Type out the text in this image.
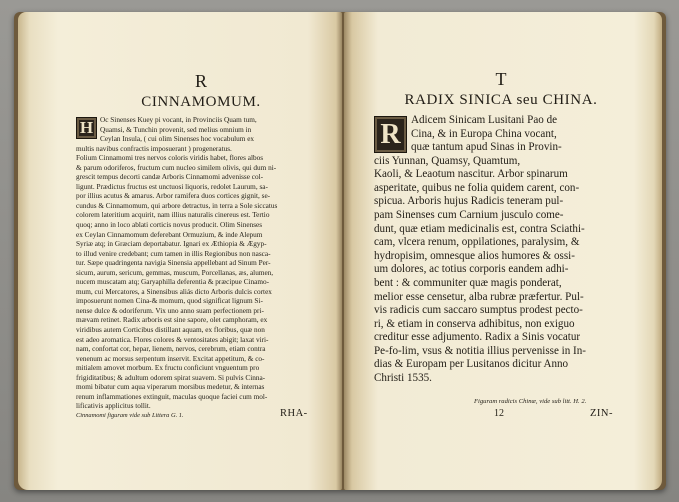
R
CINNAMOMUM.
H Oc Sinenses Kuey pi vocant, in Provinciis Quam tum,
Quamsi, & Tunchin provenit, sed melius omnium in
Ceylan Insula, ( cui olim Sinenses hoc vocabulum ex
multis navibus confractis imposuerant ) progeneratus.
Folium Cinnamomi tres nervos coloris viridis habet, flores albos
& parum odoriferos, fructum cum nucleo similem olivis, qui dum ni-
grescit tempus decorti candæ Arboris Cinnamomi advenisse col-
ligunt. Prædictus fructus est unctuosi liquoris, redolet Laurum, sa-
por illius acutus & amarus. Arbor ramifera duos cortices gignit, se-
cundus & Cinnamomum, qui arbore detractus, in terra a Sole siccatus
colorem lateritium acquirit, nam illius naturalis cinereus est. Tertio
quoq; anno in loco ablati corticis novus producit. Olim Sinenses
ex Ceylan Cinnamomum deferebant Ormuzium, & inde Alepum
Syriæ atq; in Græciam deportabatur. Ignari ex Æthiopia & Ægyp-
to illud venire credebant; cum tamen in illis Regionibus non nasca-
tur. Sæpe quadringenta navigia Sinensia appellebant ad Sinum Per-
sicum, aurum, sericum, gemmas, muscum, Porcellanas, æs, alumen,
nucem muscatam atq; Garyaphilla deferentia & præcipue Cinamo-
mum, cui Mercatores, a Sinensibus aliás dicto Arboris dulcis cortex
imposuerunt nomen Cina-& momum, quod significat lignum Si-
nense dulce & odoriferum. Vix uno anno suam perfectionem pri-
mævam retinet. Radix arboris est sine sapore, olet camphoram, ex
viridibus autem Corticibus distillant aquam, ex floribus, quæ non
est adeo aromatica. Flores colores & ventositates abigit; laxat viri-
nam, confortat cor, hepar, lienem, nervos, cerebrum, etiam contra
venenum ac morsus serpentum inservit. Excitat appetitum, & co-
mitialem amovet morbum. Ex fructu conficiunt vnguentum pro
frigiditatibus; & adultum odorem spirat suavem. Si pulvis Cinna-
momi bibatur cum aqua viperarum morsibus medetur, & internas
renum inflammationes extinguit, maculas quoque faciei cum mol-
lificativis applicitus tollit.
Cinnamomi figuram vide sub Littera G. 1.	RHA-
T
RADIX SINICA seu CHINA.
R Adicem Sinicam Lusitani Pao de
Cina, & in Europa China vocant,
quæ tantum apud Sinas in Provin-
ciis Yunnan, Quamsy, Quamtum,
Kaoli, & Leaotum nascitur. Arbor spinarum
asperitate, quibus ne folia quidem carent, con-
spicua. Arboris hujus Radicis teneram pul-
pam Sinenses cum Carnium jusculo come-
dunt, quæ etiam medicinalis est, contra Sciathi-
cam, vlcera renum, oppilationes, paralysim, &
hydropisim, omnesque alios humores & ossi-
um dolores, ac totius corporis eandem adhi-
bent : & communiter quæ magis ponderat,
melior esse censetur, alba rubræ præfertur. Pul-
vis radicis cum saccaro sumptus prodest pecto-
ri, & etiam in conserva adhibitus, non exiguo
creditur esse adjumento. Radix a Sinis vocatur
Pe-fo-lim, vsus & notitia illius pervenisse in In-
dias & Europam per Lusitanos dicitur Anno
Christi 1535.
Figuram radicis Chinæ, vide sub litt. H. 2.
12	ZIN-
